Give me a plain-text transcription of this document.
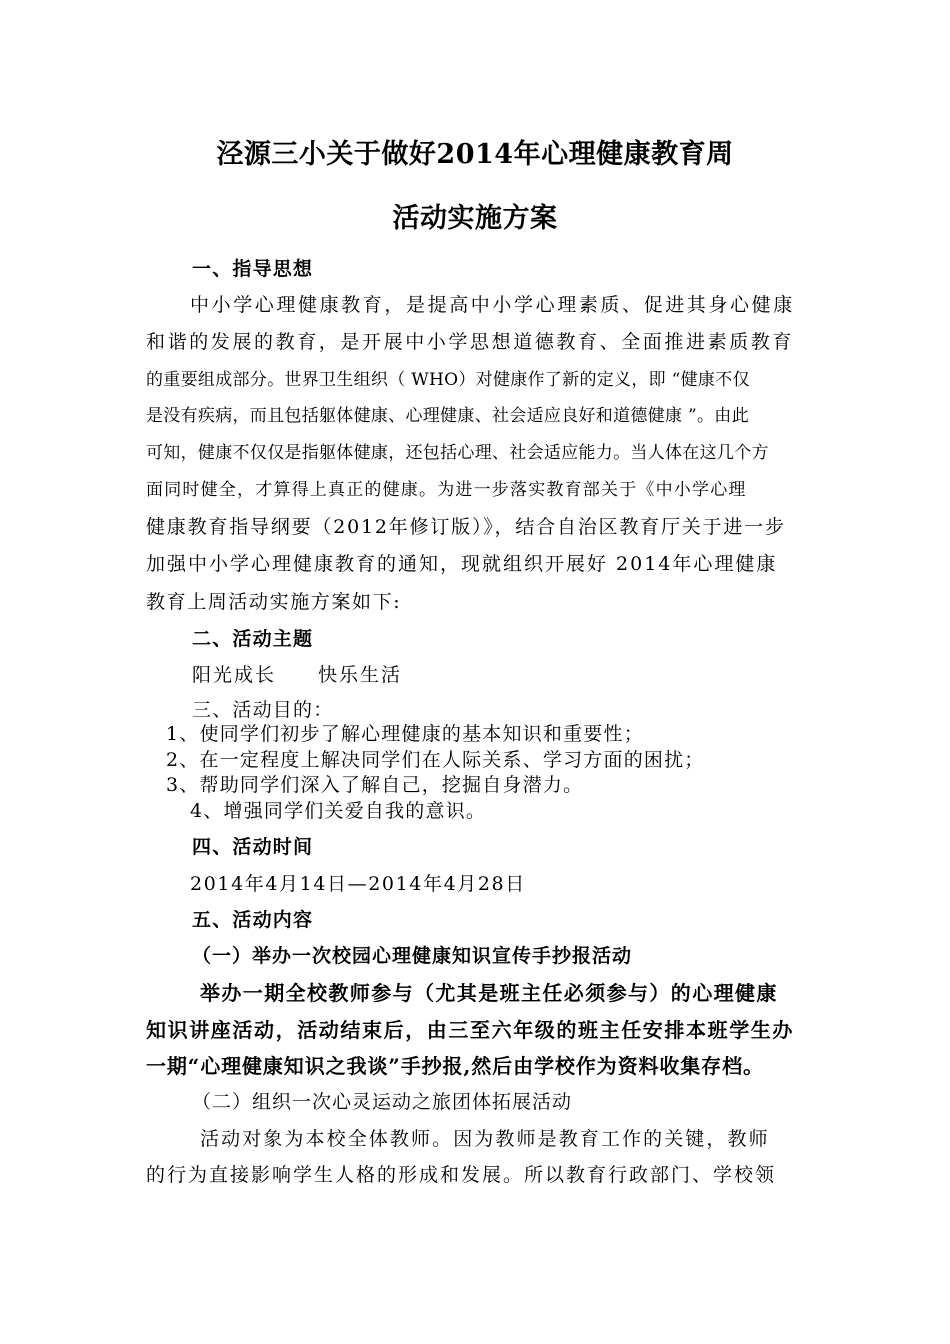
泾源三小关于做好2014年心理健康教育周
活动实施方案
一、指导思想
中小学心理健康教育，是提高中小学心理素质、促进其身心健康
和谐的发展的教育，是开展中小学思想道德教育、全面推进素质教育
的重要组成部分。世界卫生组织（ WHO）对健康作了新的定义，即 “健康不仅
是没有疾病，而且包括躯体健康、心理健康、社会适应良好和道德健康 ”。由此
可知，健康不仅仅是指躯体健康，还包括心理、社会适应能力。当人体在这几个方
面同时健全，才算得上真正的健康。为进一步落实教育部关于《中小学心理
健康教育指导纲要（2012年修订版）》，结合自治区教育厅关于进一步
加强中小学心理健康教育的通知，现就组织开展好 2014年心理健康
教育上周活动实施方案如下:
二、活动主题
阳光成长　　快乐生活
三、活动目的：
1、使同学们初步了解心理健康的基本知识和重要性；
2、在一定程度上解决同学们在人际关系、学习方面的困扰；
3、帮助同学们深入了解自己，挖掘自身潜力。
4、增强同学们关爱自我的意识。
四、活动时间
2014年4月14日—2014年4月28日
五、活动内容
（一）举办一次校园心理健康知识宣传手抄报活动
举办一期全校教师参与（尤其是班主任必须参与）的心理健康
知识讲座活动，活动结束后，由三至六年级的班主任安排本班学生办
一期“心理健康知识之我谈”手抄报,然后由学校作为资料收集存档。
（二）组织一次心灵运动之旅团体拓展活动
活动对象为本校全体教师。因为教师是教育工作的关键，教师
的行为直接影响学生人格的形成和发展。所以教育行政部门、学校领
